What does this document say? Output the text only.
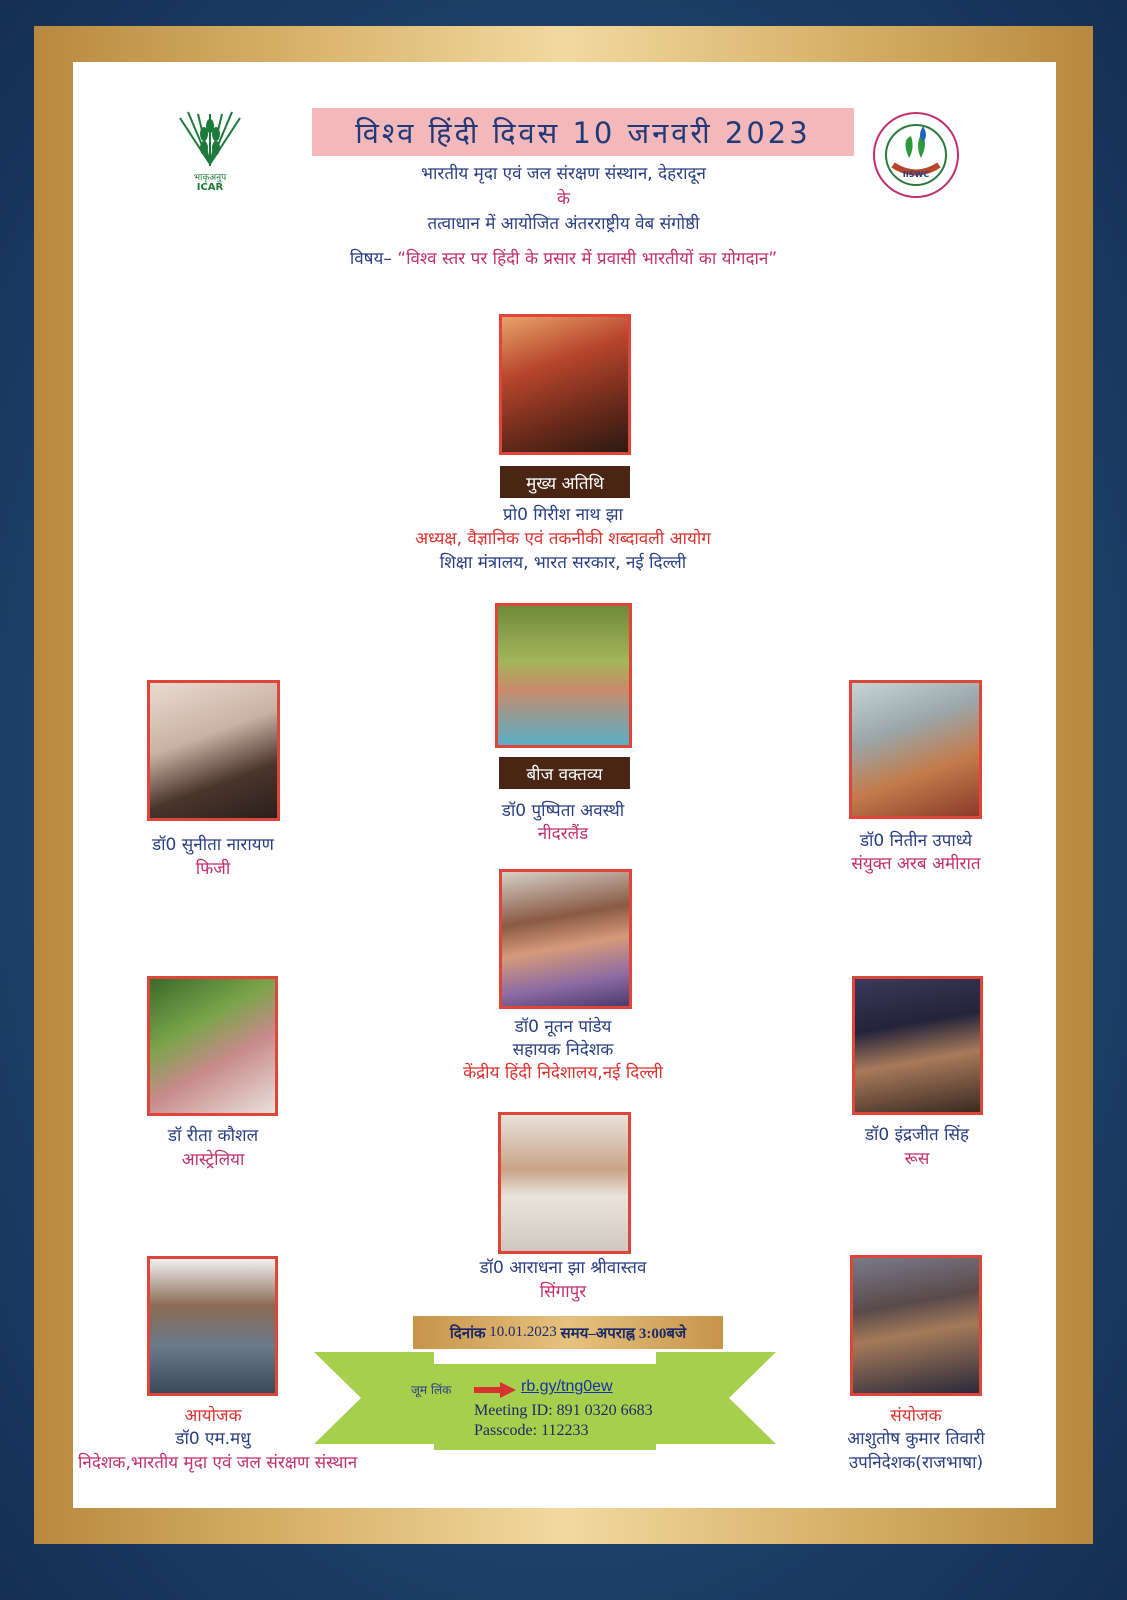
भाकृअनुप
ICAR
IISWC
विश्व हिंदी दिवस 10 जनवरी 2023
भारतीय मृदा एवं जल संरक्षण संस्थान, देहरादून
के
तत्वाधान में आयोजित अंतरराष्ट्रीय वेब संगोष्ठी
विषय– “विश्व स्तर पर हिंदी के प्रसार में प्रवासी भारतीयों का योगदान”
मुख्य अतिथि
प्रो0 गिरीश नाथ झा
अध्यक्ष, वैज्ञानिक एवं तकनीकी शब्दावली आयोग
शिक्षा मंत्रालय, भारत सरकार, नई दिल्ली
बीज वक्तव्य
डॉ0 पुष्पिता अवस्थी
नीदरलैंड
डॉ0 सुनीता नारायण
फिजी
डॉ0 नितीन उपाध्ये
संयुक्त अरब अमीरात
डॉ0 नूतन पांडेय
सहायक निदेशक
केंद्रीय हिंदी निदेशालय,नई दिल्ली
डॉ रीता कौशल
आस्ट्रेलिया
डॉ0 इंद्रजीत सिंह
रूस
डॉ0 आराधना झा श्रीवास्तव
सिंगापुर
आयोजक
डॉ0 एम.मधु
निदेशक,भारतीय मृदा एवं जल संरक्षण संस्थान
संयोजक
आशुतोष कुमार तिवारी
उपनिदेशक(राजभाषा)
दिनांक
10.01.2023
समय–अपराह्न
3:00बजे
जूम लिंक	rb.gy/tng0ew
Meeting ID: 891 0320 6683
Passcode: 112233
